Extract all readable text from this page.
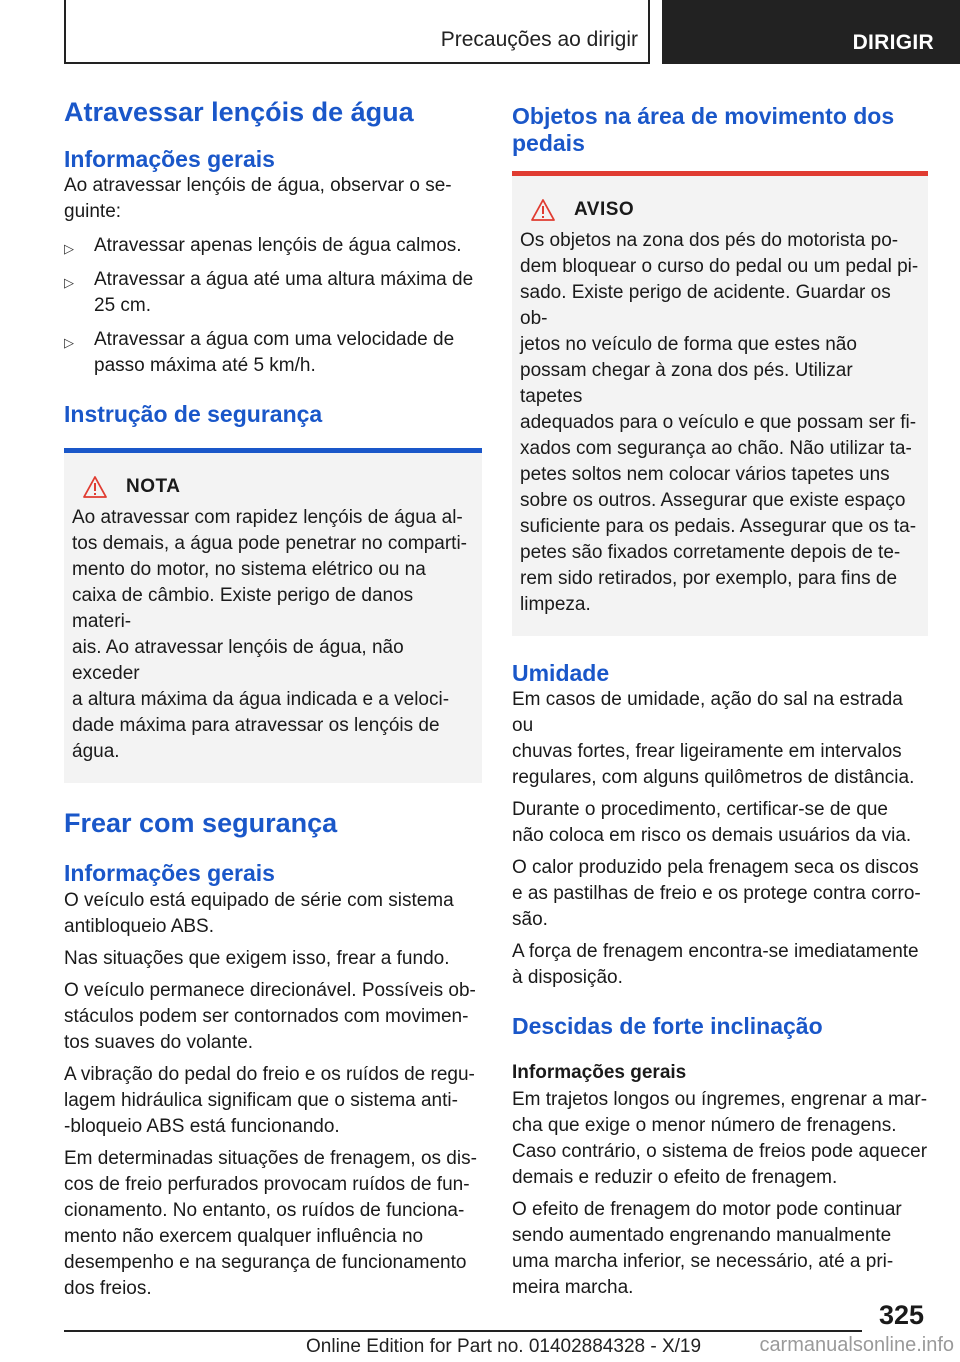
Precauções ao dirigir	DIRIGIR
Atravessar lençóis de água
Informações gerais

Ao atravessar lençóis de água, observar o se-
guinte:

▷ Atravessar apenas lençóis de água calmos.
▷ Atravessar a água até uma altura máxima de
25 cm.
▷ Atravessar a água com uma velocidade de
passo máxima até 5 km/h.
Instrução de segurança
NOTA

Ao atravessar com rapidez lençóis de água al-
tos demais, a água pode penetrar no comparti-
mento do motor, no sistema elétrico ou na
caixa de câmbio. Existe perigo de danos materi-
ais. Ao atravessar lençóis de água, não exceder
a altura máxima da água indicada e a veloci-
dade máxima para atravessar os lençóis de
água.

Frear com segurança
Informações gerais

O veículo está equipado de série com sistema
antibloqueio ABS.

Nas situações que exigem isso, frear a fundo.

O veículo permanece direcionável. Possíveis ob-
stáculos podem ser contornados com movimen-
tos suaves do volante.

A vibração do pedal do freio e os ruídos de regu-
lagem hidráulica significam que o sistema anti-
-bloqueio ABS está funcionando.

Em determinadas situações de frenagem, os dis-
cos de freio perfurados provocam ruídos de fun-
cionamento. No entanto, os ruídos de funciona-
mento não exercem qualquer influência no
desempenho e na segurança de funcionamento
dos freios.

Objetos na área de movimento dos
pedais
AVISO

Os objetos na zona dos pés do motorista po-
dem bloquear o curso do pedal ou um pedal pi-
sado. Existe perigo de acidente. Guardar os ob-
jetos no veículo de forma que estes não
possam chegar à zona dos pés. Utilizar tapetes
adequados para o veículo e que possam ser fi-
xados com segurança ao chão. Não utilizar ta-
petes soltos nem colocar vários tapetes uns
sobre os outros. Assegurar que existe espaço
suficiente para os pedais. Assegurar que os ta-
petes são fixados corretamente depois de te-
rem sido retirados, por exemplo, para fins de
limpeza.

Umidade

Em casos de umidade, ação do sal na estrada ou
chuvas fortes, frear ligeiramente em intervalos
regulares, com alguns quilômetros de distância.

Durante o procedimento, certificar-se de que
não coloca em risco os demais usuários da via.

O calor produzido pela frenagem seca os discos
e as pastilhas de freio e os protege contra corro-
são.

A força de frenagem encontra-se imediatamente
à disposição.

Descidas de forte inclinação
Informações gerais

Em trajetos longos ou íngremes, engrenar a mar-
cha que exige o menor número de frenagens.
Caso contrário, o sistema de freios pode aquecer
demais e reduzir o efeito de frenagem.

O efeito de frenagem do motor pode continuar
sendo aumentado engrenando manualmente
uma marcha inferior, se necessário, até a pri-
meira marcha.

325
Online Edition for Part no. 01402884328 - X/19	carmanualsonline.info
